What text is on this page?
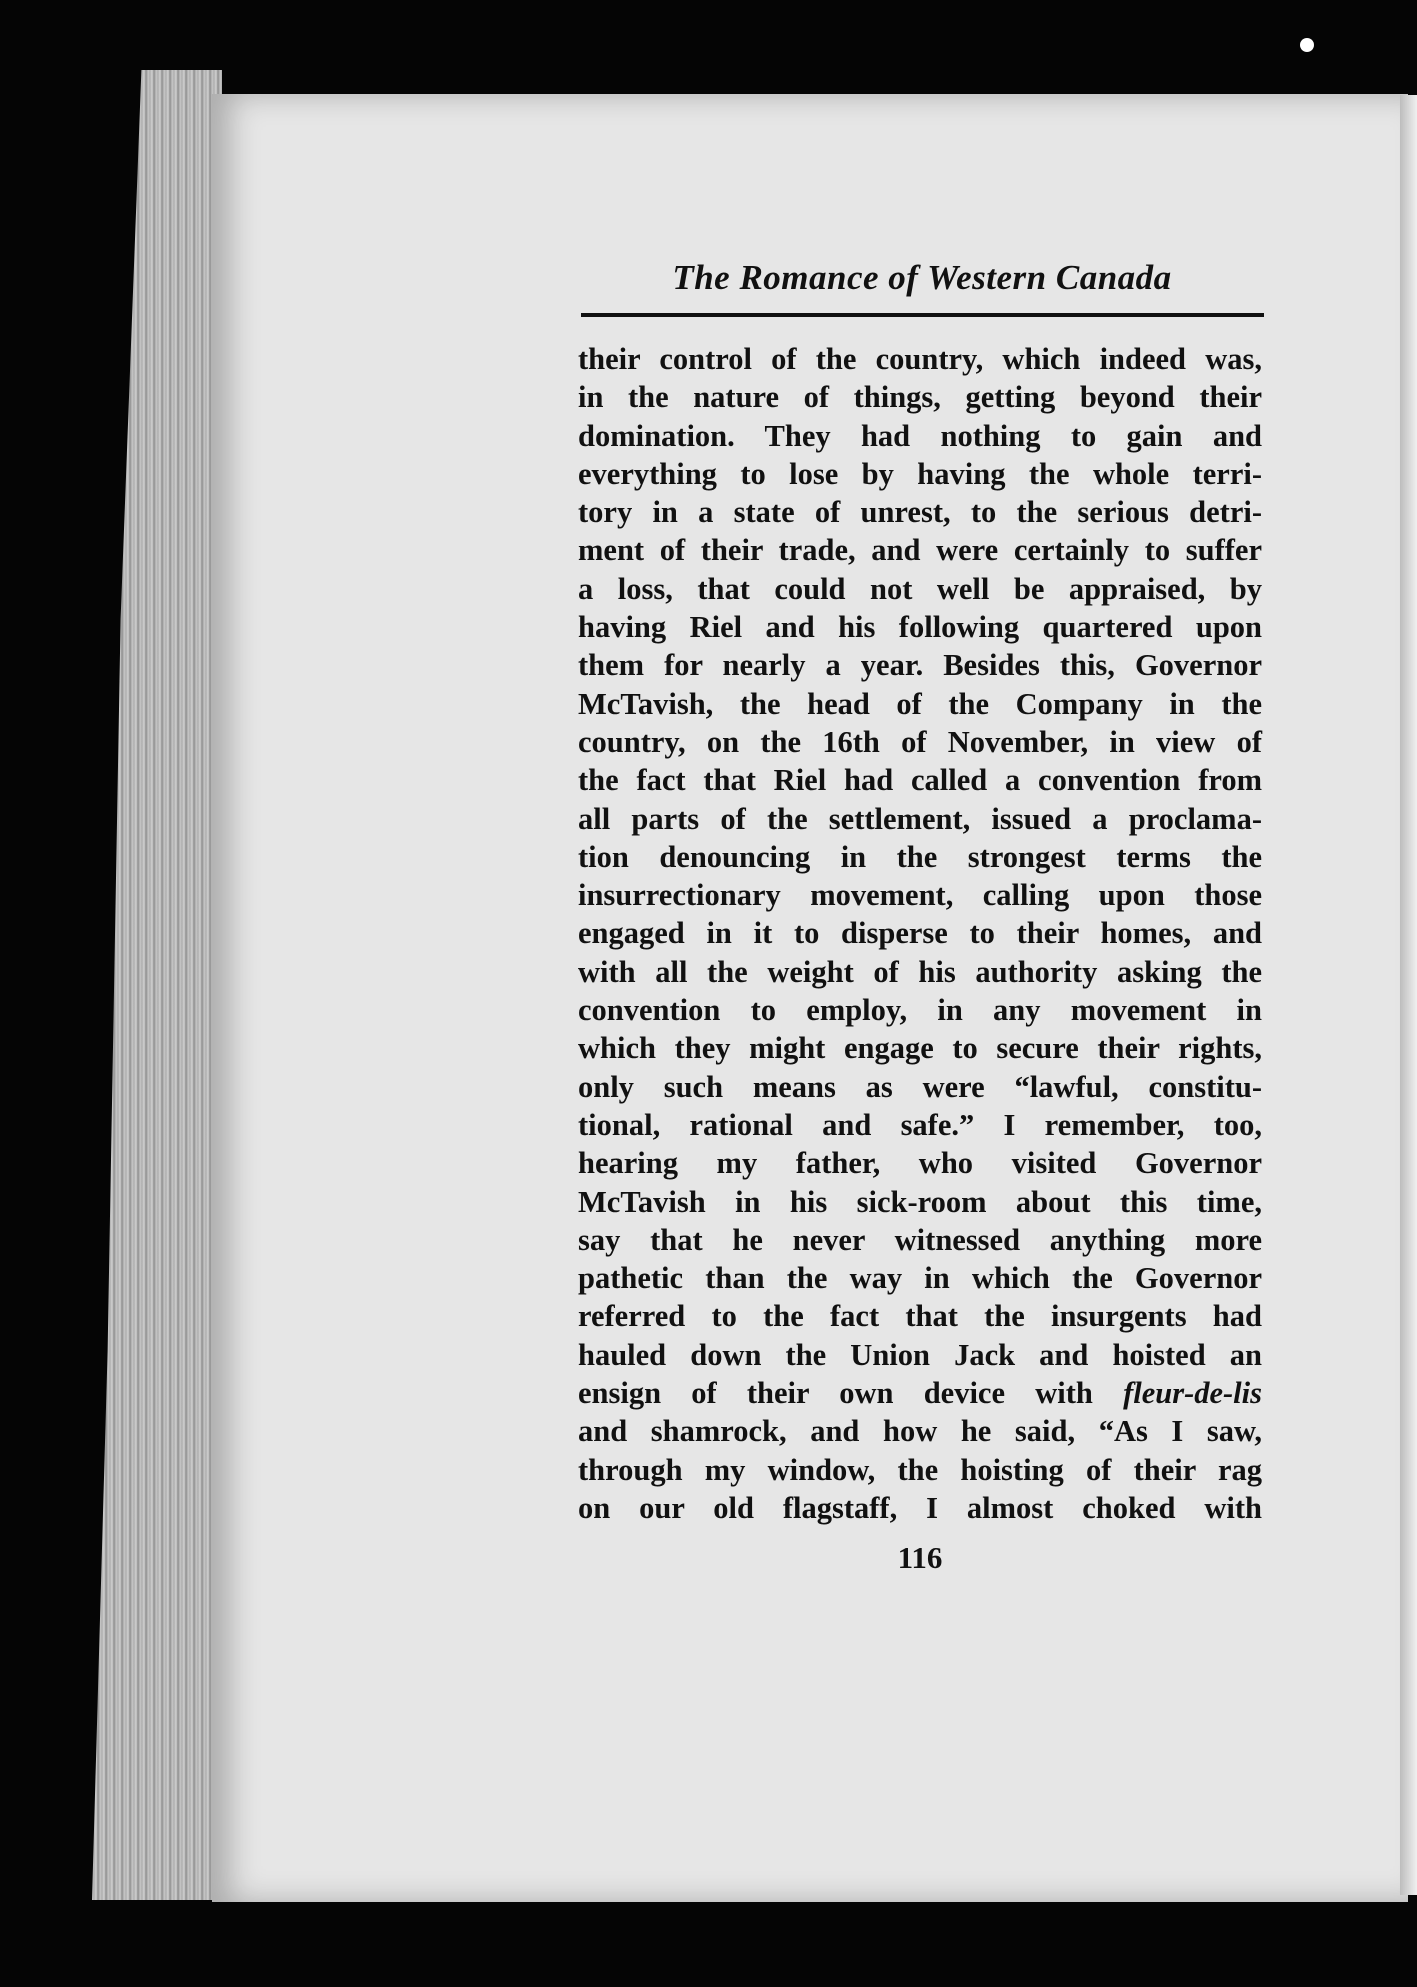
The Romance of Western Canada
their control of the country, which indeed was,
in the nature of things, getting beyond their
domination. They had nothing to gain and
everything to lose by having the whole terri-
tory in a state of unrest, to the serious detri-
ment of their trade, and were certainly to suffer
a loss, that could not well be appraised, by
having Riel and his following quartered upon
them for nearly a year. Besides this, Governor
McTavish, the head of the Company in the
country, on the 16th of November, in view of
the fact that Riel had called a convention from
all parts of the settlement, issued a proclama-
tion denouncing in the strongest terms the
insurrectionary movement, calling upon those
engaged in it to disperse to their homes, and
with all the weight of his authority asking the
convention to employ, in any movement in
which they might engage to secure their rights,
only such means as were “lawful, constitu-
tional, rational and safe.” I remember, too,
hearing my father, who visited Governor
McTavish in his sick-room about this time,
say that he never witnessed anything more
pathetic than the way in which the Governor
referred to the fact that the insurgents had
hauled down the Union Jack and hoisted an
ensign of their own device with fleur-de-lis
and shamrock, and how he said, “As I saw,
through my window, the hoisting of their rag
on our old flagstaff, I almost choked with
116
